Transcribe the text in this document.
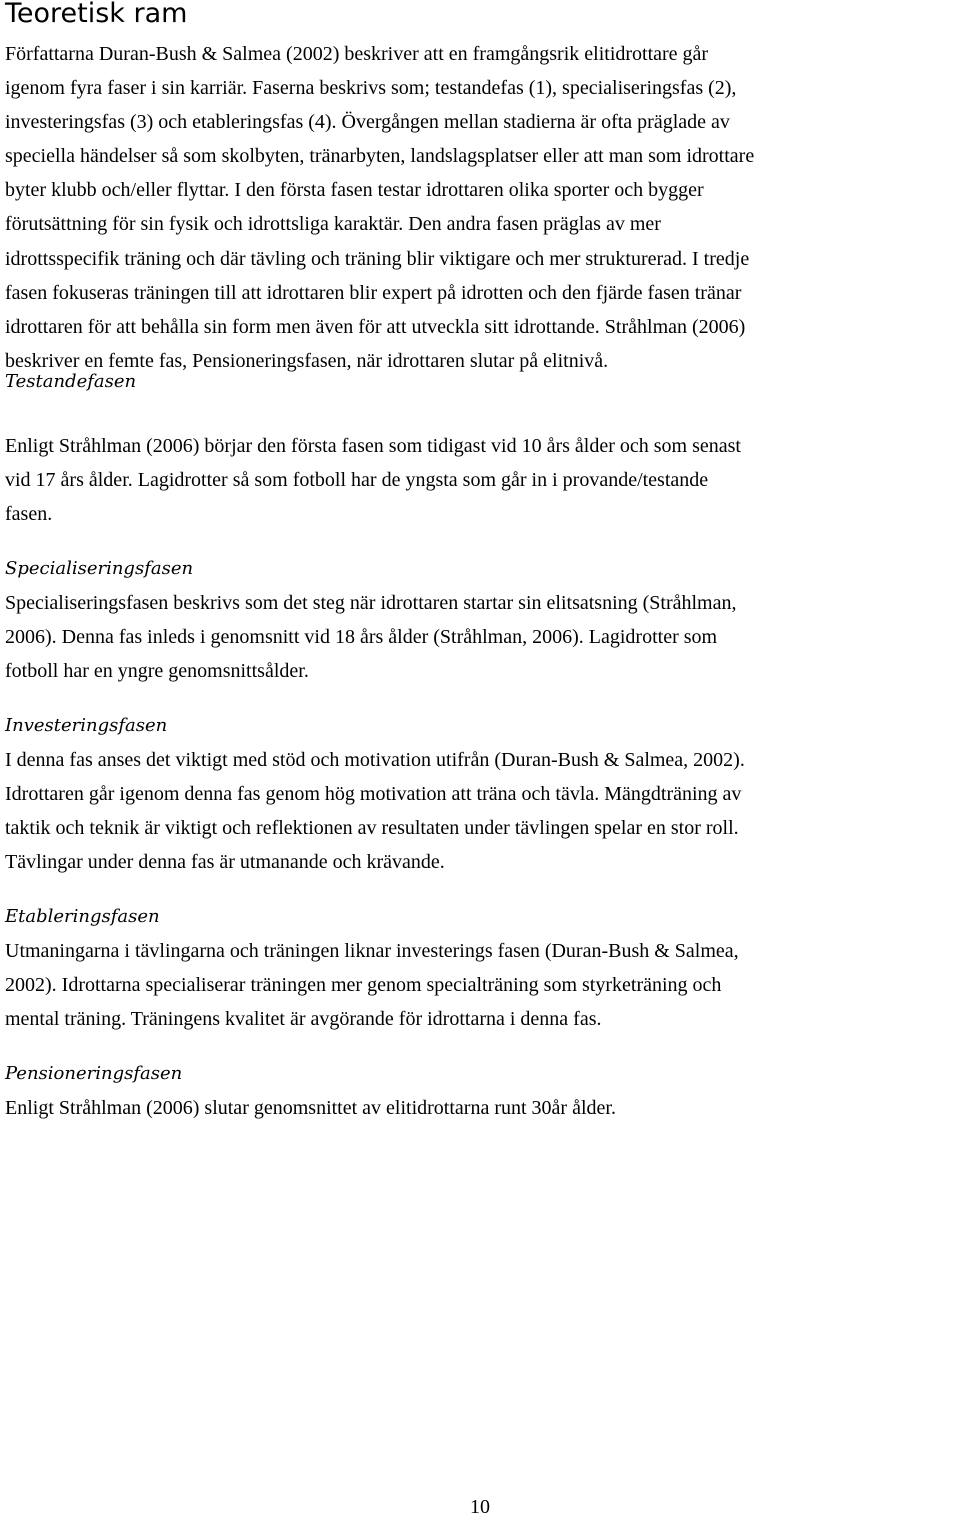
Teoretisk ram
Författarna Duran-Bush & Salmea (2002) beskriver att en framgångsrik elitidrottare går
igenom fyra faser i sin karriär. Faserna beskrivs som; testandefas (1), specialiseringsfas (2),
investeringsfas (3) och etableringsfas (4). Övergången mellan stadierna är ofta präglade av
speciella händelser så som skolbyten, tränarbyten, landslagsplatser eller att man som idrottare
byter klubb och/eller flyttar. I den första fasen testar idrottaren olika sporter och bygger
förutsättning för sin fysik och idrottsliga karaktär. Den andra fasen präglas av mer
idrottsspecifik träning och där tävling och träning blir viktigare och mer strukturerad. I tredje
fasen fokuseras träningen till att idrottaren blir expert på idrotten och den fjärde fasen tränar
idrottaren för att behålla sin form men även för att utveckla sitt idrottande. Stråhlman (2006)
beskriver en femte fas, Pensioneringsfasen, när idrottaren slutar på elitnivå.
Testandefasen
Enligt Stråhlman (2006) börjar den första fasen som tidigast vid 10 års ålder och som senast
vid 17 års ålder. Lagidrotter så som fotboll har de yngsta som går in i provande/testande
fasen.
Specialiseringsfasen
Specialiseringsfasen beskrivs som det steg när idrottaren startar sin elitsatsning (Stråhlman,
2006). Denna fas inleds i genomsnitt vid 18 års ålder (Stråhlman, 2006). Lagidrotter som
fotboll har en yngre genomsnittsålder.
Investeringsfasen
I denna fas anses det viktigt med stöd och motivation utifrån (Duran-Bush & Salmea, 2002).
Idrottaren går igenom denna fas genom hög motivation att träna och tävla. Mängdträning av
taktik och teknik är viktigt och reflektionen av resultaten under tävlingen spelar en stor roll.
Tävlingar under denna fas är utmanande och krävande.
Etableringsfasen
Utmaningarna i tävlingarna och träningen liknar investerings fasen (Duran-Bush & Salmea,
2002). Idrottarna specialiserar träningen mer genom specialträning som styrketräning och
mental träning. Träningens kvalitet är avgörande för idrottarna i denna fas.
Pensioneringsfasen
Enligt Stråhlman (2006) slutar genomsnittet av elitidrottarna runt 30år ålder.
10
